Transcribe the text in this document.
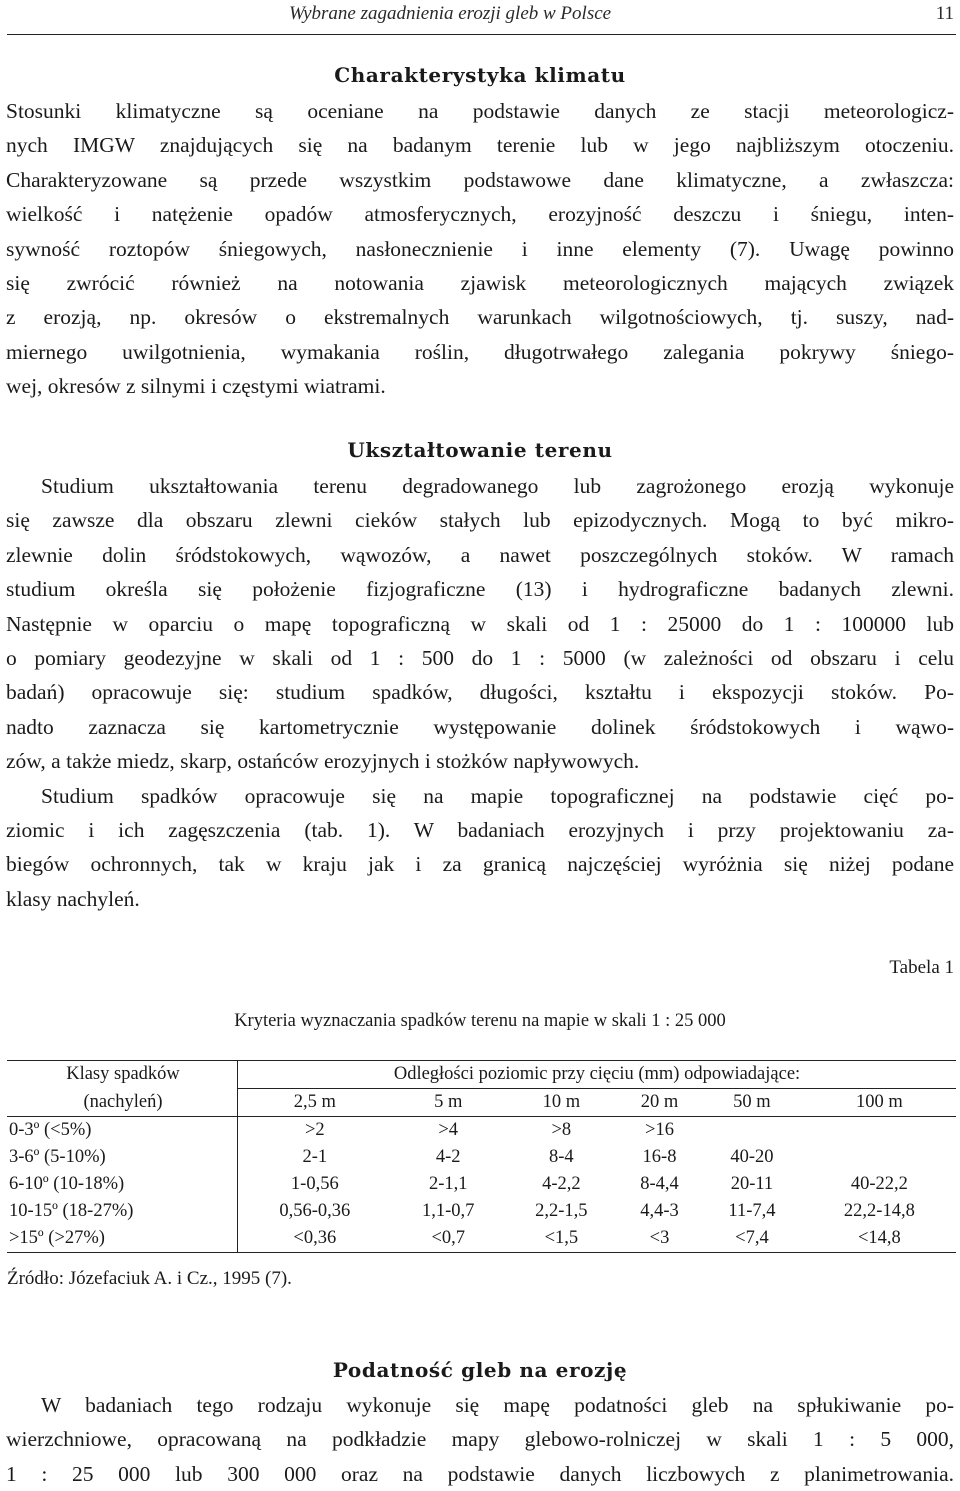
Wybrane zagadnienia erozji gleb w Polsce	11
Charakterystyka klimatu
Stosunki klimatyczne są oceniane na podstawie danych ze stacji meteorologicz-
nych IMGW znajdujących się na badanym terenie lub w jego najbliższym otoczeniu.
Charakteryzowane są przede wszystkim podstawowe dane klimatyczne, a zwłaszcza:
wielkość i natężenie opadów atmosferycznych, erozyjność deszczu i śniegu, inten-
sywność roztopów śniegowych, nasłonecznienie i inne elementy (7). Uwagę powinno
się zwrócić również na notowania zjawisk meteorologicznych mających związek
z erozją, np. okresów o ekstremalnych warunkach wilgotnościowych, tj. suszy, nad-
miernego uwilgotnienia, wymakania roślin, długotrwałego zalegania pokrywy śniego-
wej, okresów z silnymi i częstymi wiatrami.
Ukształtowanie terenu
Studium ukształtowania terenu degradowanego lub zagrożonego erozją wykonuje
się zawsze dla obszaru zlewni cieków stałych lub epizodycznych. Mogą to być mikro-
zlewnie dolin śródstokowych, wąwozów, a nawet poszczególnych stoków. W ramach
studium określa się położenie fizjograficzne (13) i hydrograficzne badanych zlewni.
Następnie w oparciu o mapę topograficzną w skali od 1 : 25000 do 1 : 100000 lub
o pomiary geodezyjne w skali od 1 : 500 do 1 : 5000 (w zależności od obszaru i celu
badań) opracowuje się: studium spadków, długości, kształtu i ekspozycji stoków. Po-
nadto zaznacza się kartometrycznie występowanie dolinek śródstokowych i wąwo-
zów, a także miedz, skarp, ostańców erozyjnych i stożków napływowych.
Studium spadków opracowuje się na mapie topograficznej na podstawie cięć po-
ziomic i ich zagęszczenia (tab. 1). W badaniach erozyjnych i przy projektowaniu za-
biegów ochronnych, tak w kraju jak i za granicą najczęściej wyróżnia się niżej podane
klasy nachyleń.
Tabela 1
Kryteria wyznaczania spadków terenu na mapie w skali 1 : 25 000
Klasy spadków	Odległości poziomic przy cięciu (mm) odpowiadające:					
(nachyleń)	2,5 m	5 m	10 m	20 m	50 m	100 m
0-3º (<5%)	>2	>4	>8	>16		
3-6º (5-10%)	2-1	4-2	8-4	16-8	40-20	
6-10º (10-18%)	1-0,56	2-1,1	4-2,2	8-4,4	20-11	40-22,2
10-15º (18-27%)	0,56-0,36	1,1-0,7	2,2-1,5	4,4-3	11-7,4	22,2-14,8
>15º (>27%)	<0,36	<0,7	<1,5	<3	<7,4	<14,8
Źródło: Józefaciuk A. i Cz., 1995 (7).
Podatność gleb na erozję
W badaniach tego rodzaju wykonuje się mapę podatności gleb na spłukiwanie po-
wierzchniowe, opracowaną na podkładzie mapy glebowo-rolniczej w skali 1 : 5 000,
1 : 25 000 lub 300 000 oraz na podstawie danych liczbowych z planimetrowania.
